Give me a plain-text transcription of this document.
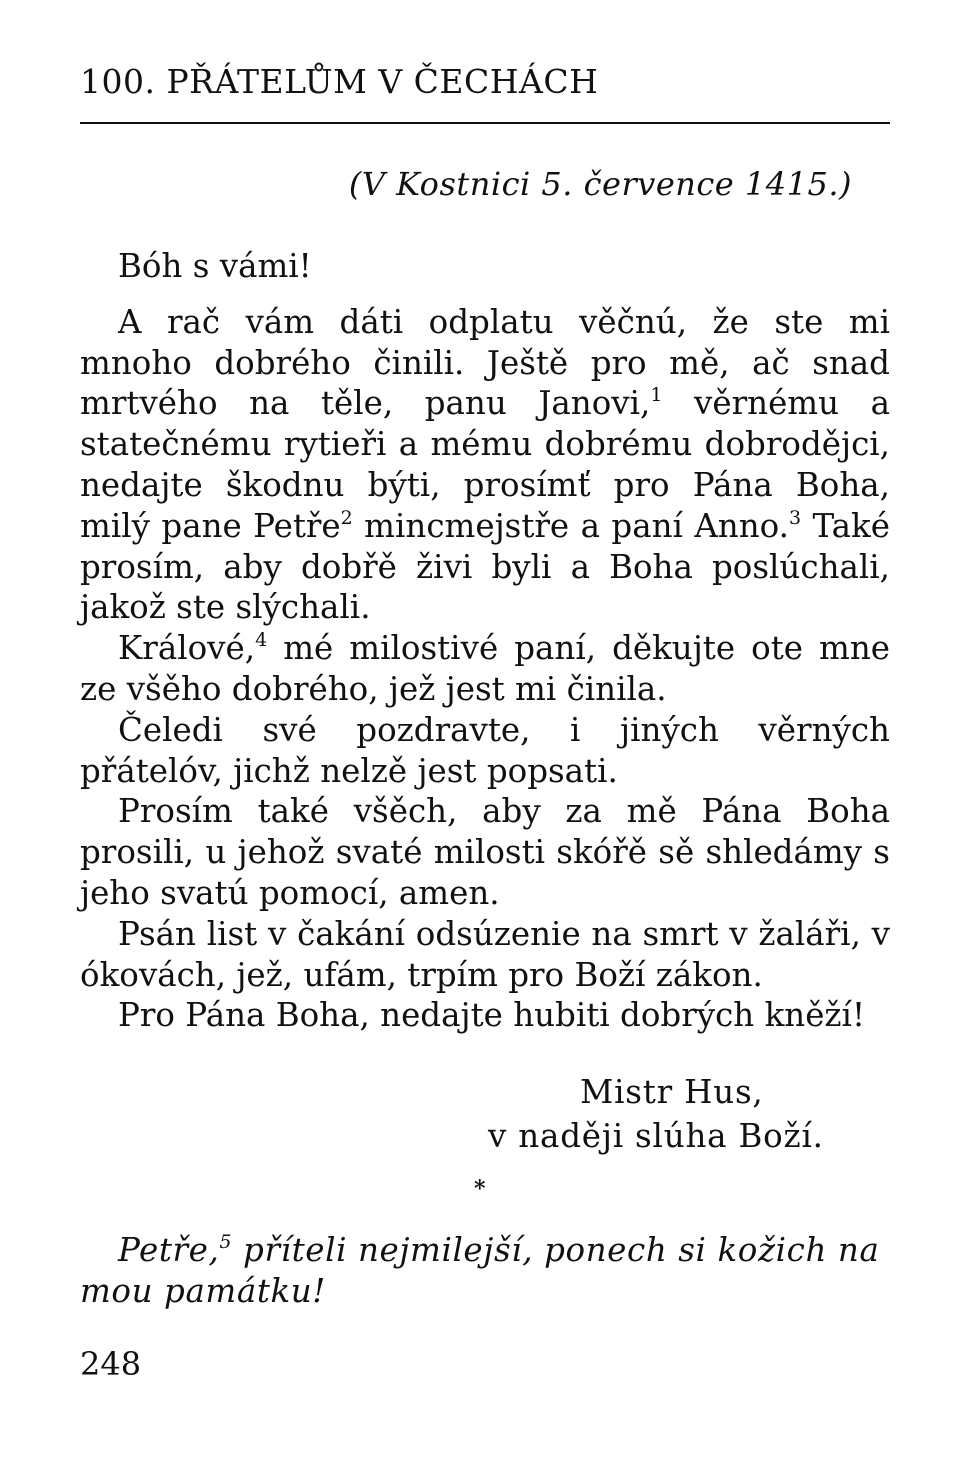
100. PŘÁTELŮM V ČECHÁCH
(V Kostnici 5. července 1415.)

Bóh s vámi!

A rač vám dáti odplatu věčnú, že ste mi mnoho dobrého činili. Ještě pro mě, ač snad mrtvého na těle, panu Janovi,$^1$ věrnému a statečnému rytieři a mému dobrému dobrodějci, nedajte škodnu býti, prosímť pro Pána Boha, milý pane Petře$^2$ mincmejstře a paní Anno.$^3$ Také prosím, aby dobřě živi byli a Boha poslúchali, jakož ste slýchali.

Králové,$^4$ mé milostivé paní, děkujte ote mne ze všěho dobrého, jež jest mi činila.

Čeledi své pozdravte, i jiných věrných přátelóv, jichž nelzě jest popsati.

Prosím také všěch, aby za mě Pána Boha prosili, u jehož svaté milosti skóřě sě shledámy s jeho svatú pomocí, amen.

Psán list v čakání odsúzenie na smrt v žaláři, v ókovách, jež, ufám, trpím pro Boží zákon.

Pro Pána Boha, nedajte hubiti dobrých kněží!

Mistr Hus,
v naději slúha Boží.
*
Petře,$^5$ příteli nejmilejší, ponech si kožich na mou památku!
248
